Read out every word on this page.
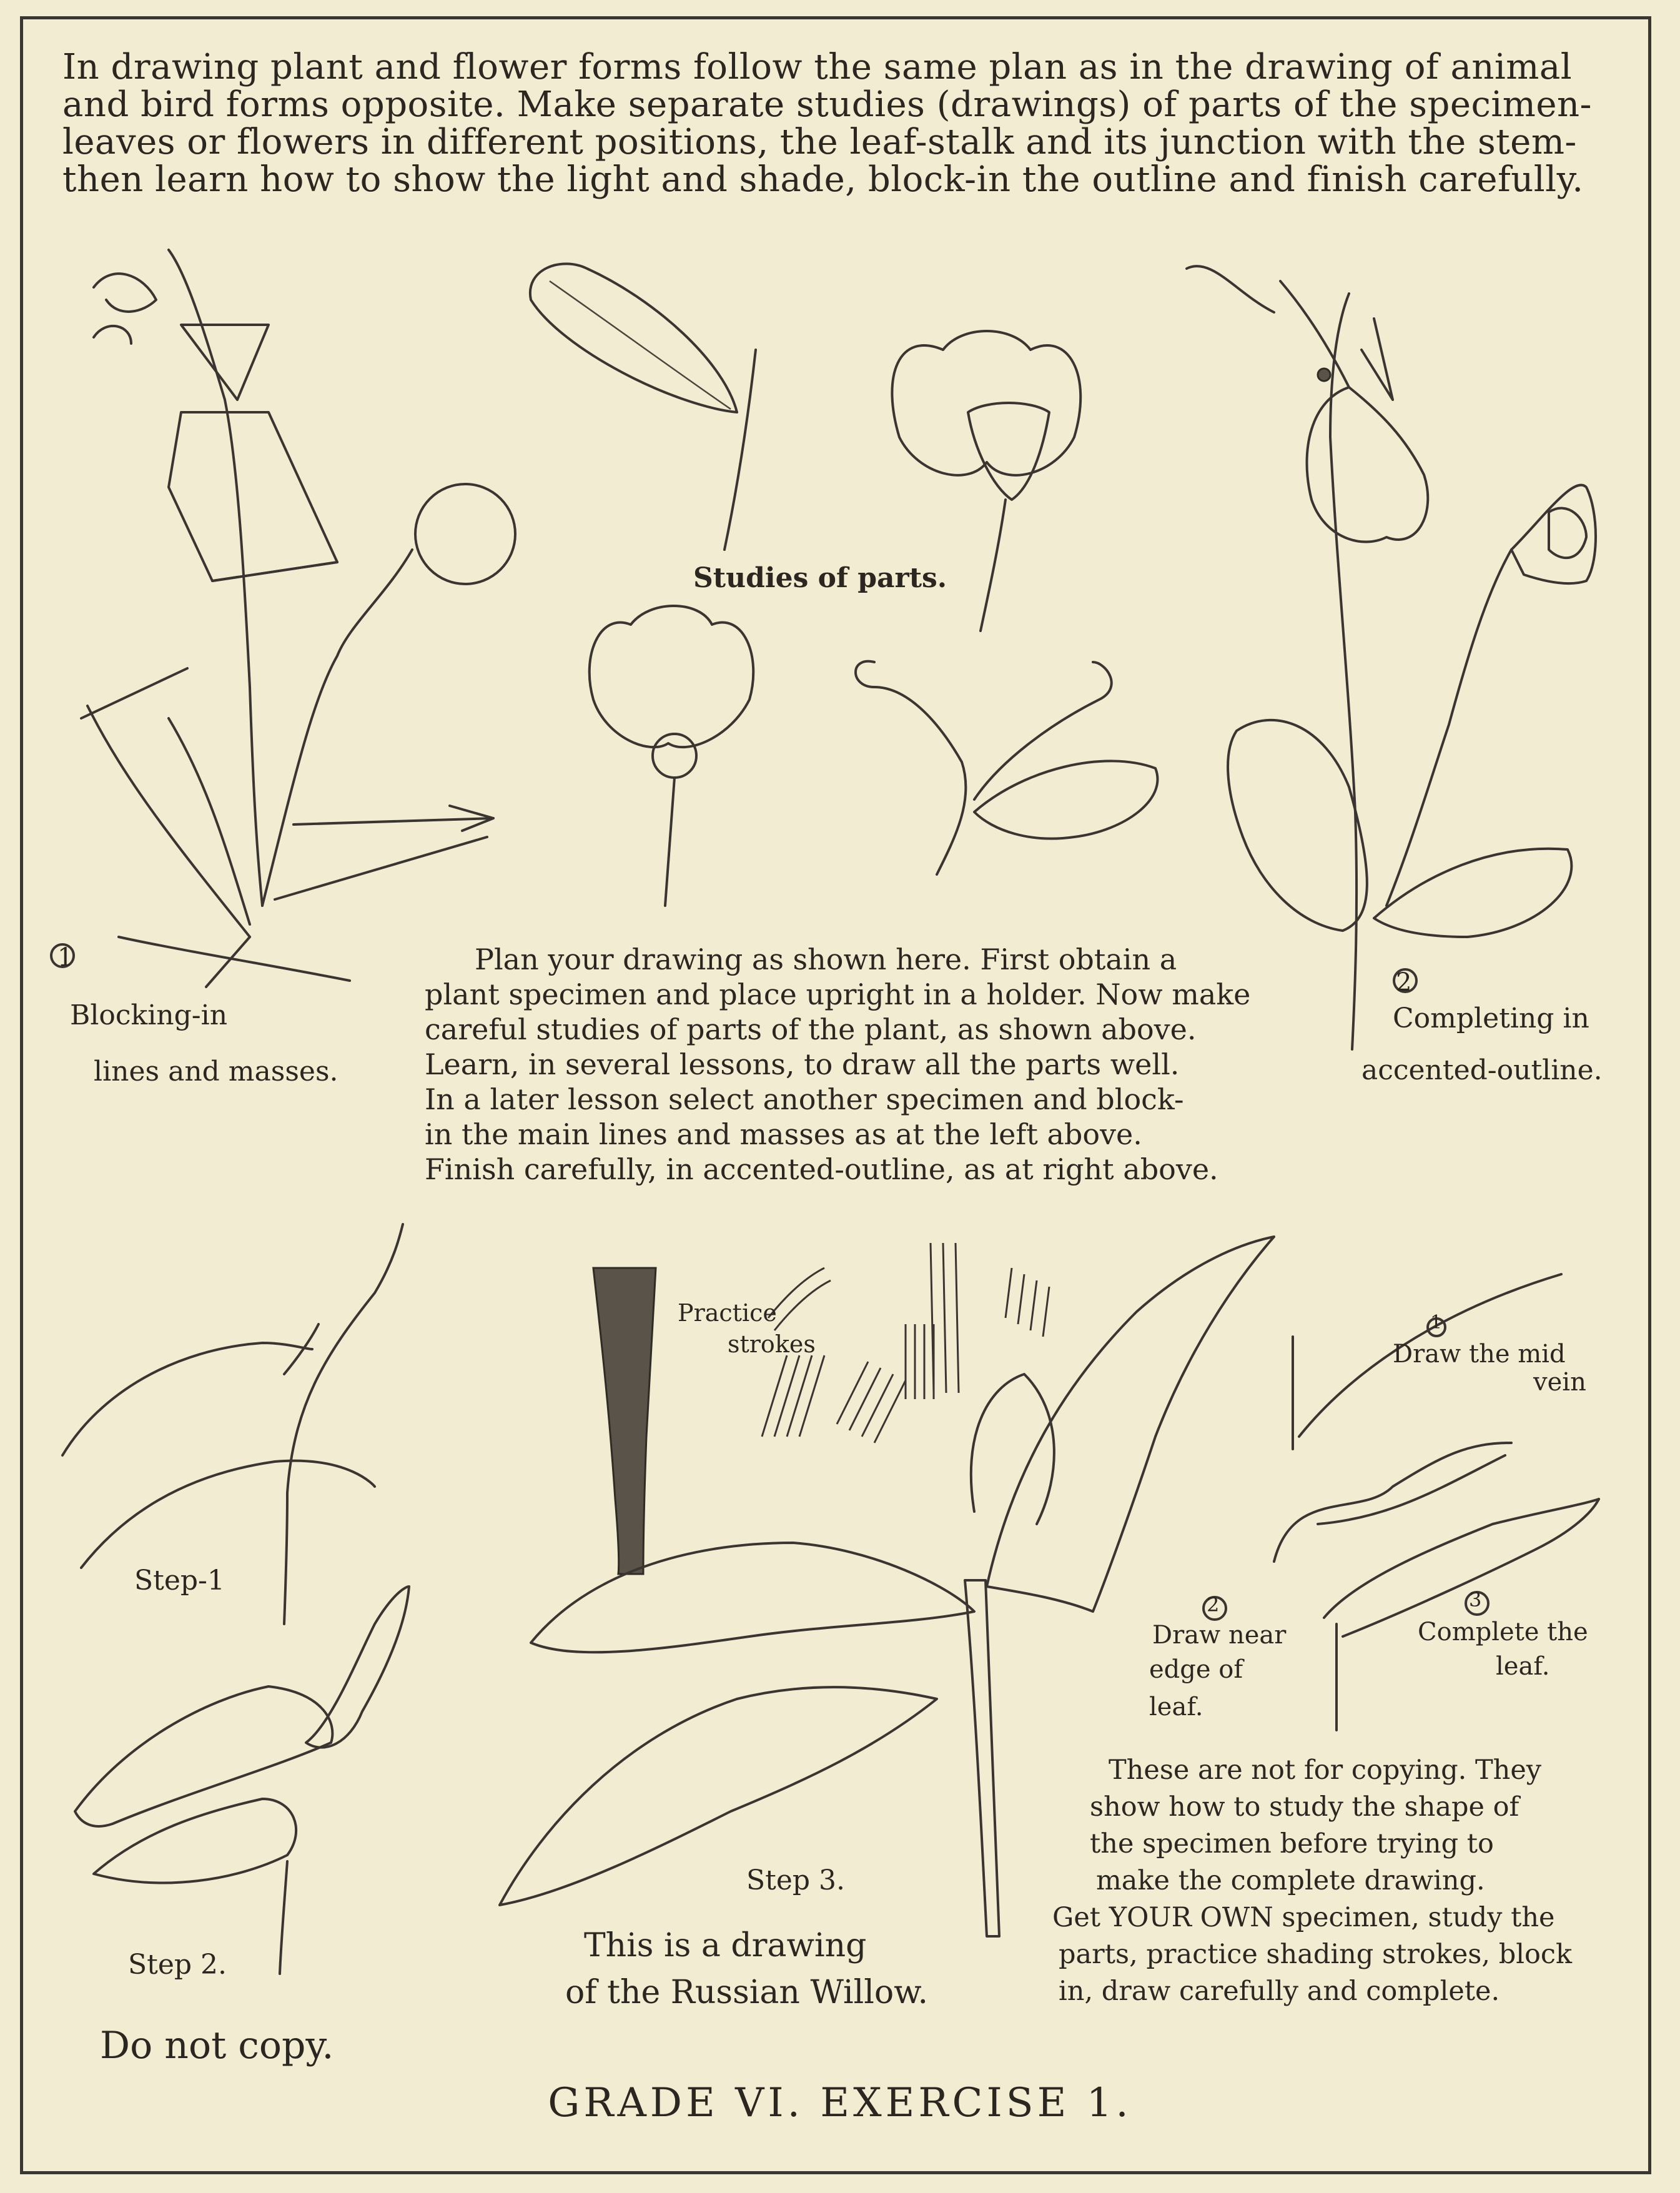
In drawing plant and flower forms follow the same plan as in the drawing of animal
and bird forms opposite. Make separate studies (drawings) of parts of the specimen-
leaves or flowers in different positions, the leaf-stalk and its junction with the stem-
then learn how to show the light and shade, block-in the outline and finish carefully.
1
Blocking-in
lines and masses.
Studies of parts.
2
Completing in
accented-outline.
Plan your drawing as shown here. First obtain a
plant specimen and place upright in a holder. Now make
careful studies of parts of the plant, as shown above.
Learn, in several lessons, to draw all the parts well.
In a later lesson select another specimen and block-
in the main lines and masses as at the left above.
Finish carefully, in accented-outline, as at right above.
Step-1
Step 2.
Do not copy.
Practice
strokes
Step 3.
This is a drawing
of the Russian Willow.
1
Draw the mid
vein
2
Draw near
edge of
leaf.
3
Complete the
leaf.
These are not for copying. They
show how to study the shape of
the specimen before trying to
make the complete drawing.
Get YOUR OWN specimen, study the
parts, practice shading strokes, block
in, draw carefully and complete.
GRADE VI. EXERCISE 1.
